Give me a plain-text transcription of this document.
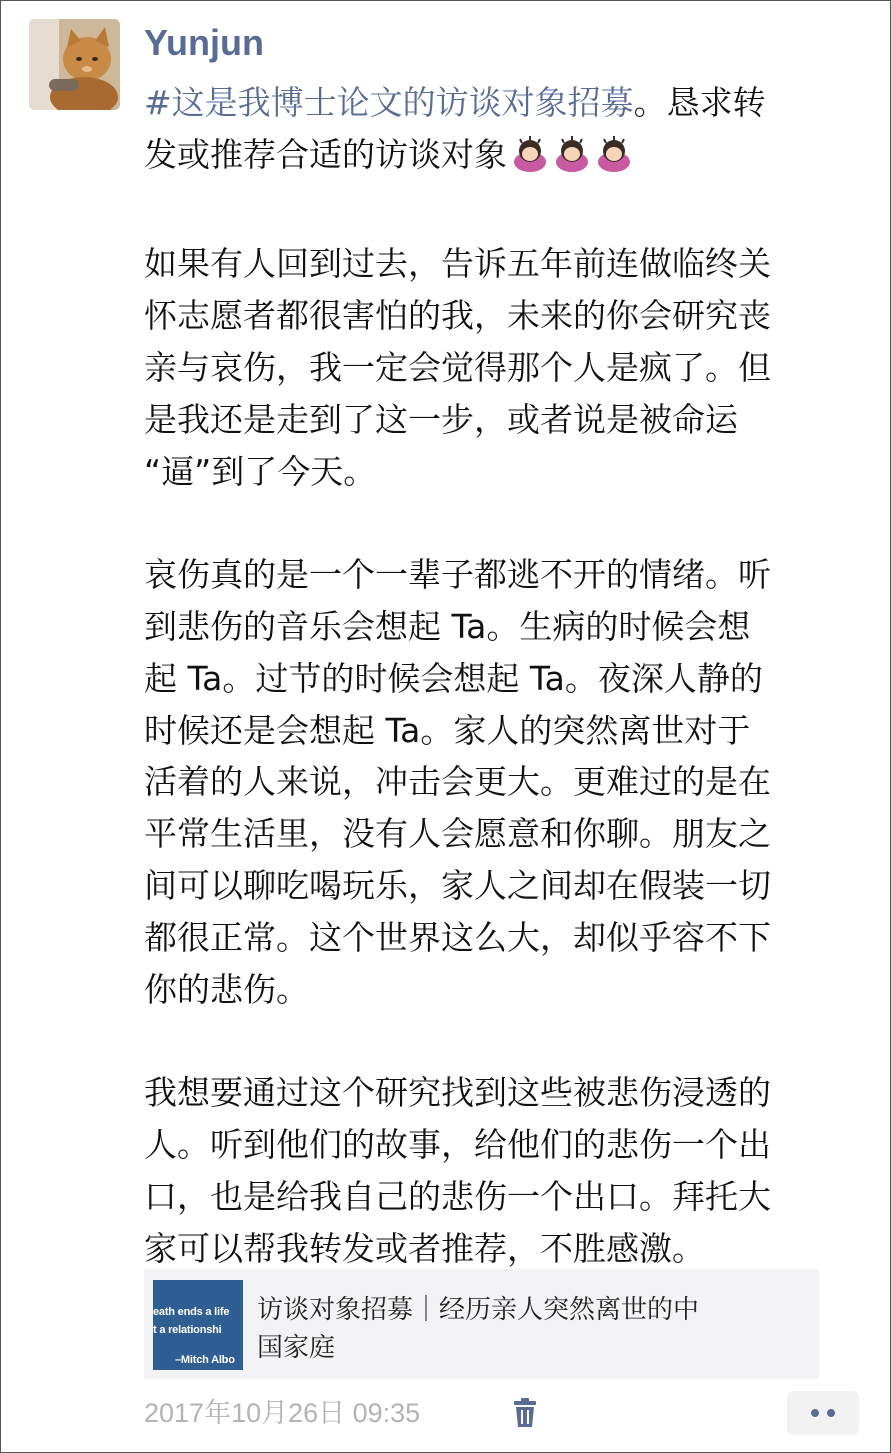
Yunjun
#这是我博士论文的访谈对象招募。恳求转
发或推荐合适的访谈对象
如果有人回到过去，告诉五年前连做临终关
怀志愿者都很害怕的我，未来的你会研究丧
亲与哀伤，我一定会觉得那个人是疯了。但
是我还是走到了这一步，或者说是被命运
“逼”到了今天。
哀伤真的是一个一辈子都逃不开的情绪。听
到悲伤的音乐会想起 Ta。生病的时候会想
起 Ta。过节的时候会想起 Ta。夜深人静的
时候还是会想起 Ta。家人的突然离世对于
活着的人来说，冲击会更大。更难过的是在
平常生活里，没有人会愿意和你聊。朋友之
间可以聊吃喝玩乐，家人之间却在假装一切
都很正常。这个世界这么大，却似乎容不下
你的悲伤。
我想要通过这个研究找到这些被悲伤浸透的
人。听到他们的故事，给他们的悲伤一个出
口，也是给我自己的悲伤一个出口。拜托大
家可以帮我转发或者推荐，不胜感激。
eath ends a life
t a relationshi
–Mitch Albo
访谈对象招募｜经历亲人突然离世的中
国家庭
2017年10月26日 09:35
